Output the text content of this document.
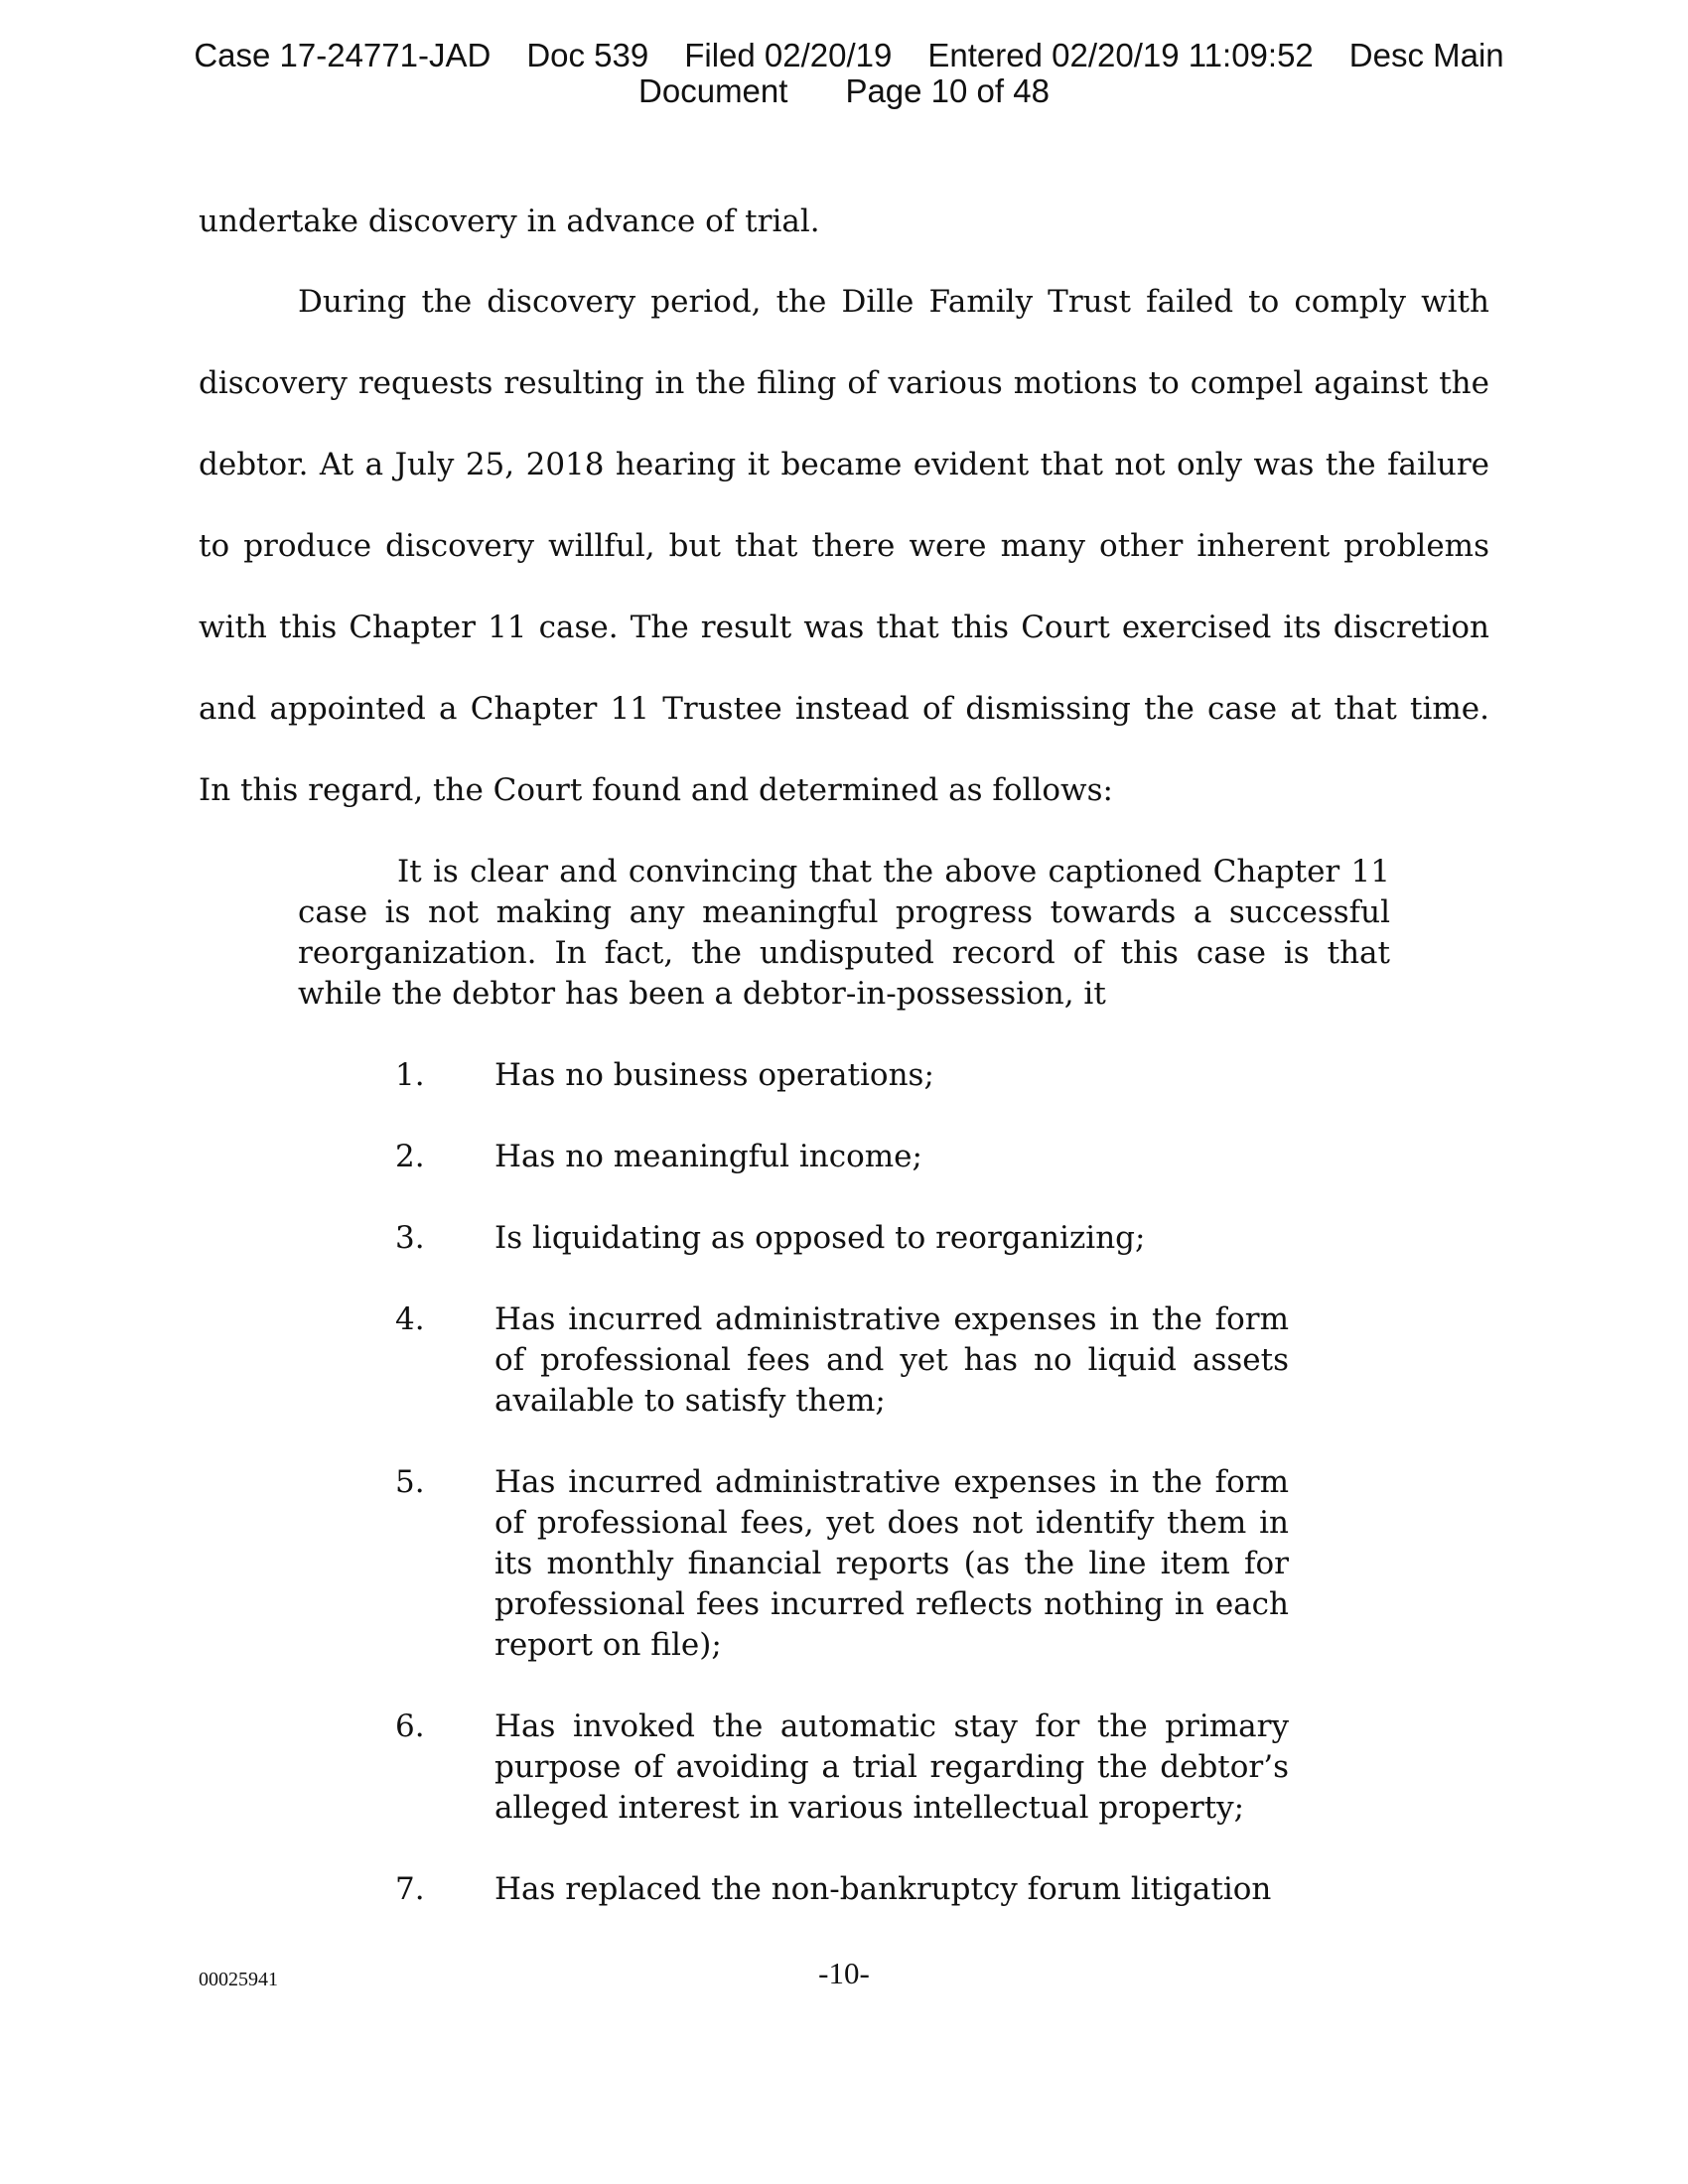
Case 17-24771-JAD Doc 539 Filed 02/20/19 Entered 02/20/19 11:09:52 Desc Main
Document Page 10 of 48
undertake discovery in advance of trial.
During the discovery period, the Dille Family Trust failed to comply with
discovery requests resulting in the filing of various motions to compel against the
debtor. At a July 25, 2018 hearing it became evident that not only was the failure
to produce discovery willful, but that there were many other inherent problems
with this Chapter 11 case. The result was that this Court exercised its discretion
and appointed a Chapter 11 Trustee instead of dismissing the case at that time.
In this regard, the Court found and determined as follows:
It is clear and convincing that the above captioned Chapter 11
case is not making any meaningful progress towards a successful
reorganization. In fact, the undisputed record of this case is that
while the debtor has been a debtor-in-possession, it
1.	Has no business operations;
2.	Has no meaningful income;
3.	Is liquidating as opposed to reorganizing;
4.	Has incurred administrative expenses in the form
of professional fees and yet has no liquid assets
available to satisfy them;
5.	Has incurred administrative expenses in the form
of professional fees, yet does not identify them in
its monthly financial reports (as the line item for
professional fees incurred reflects nothing in each
report on file);
6.	Has invoked the automatic stay for the primary
purpose of avoiding a trial regarding the debtor’s
alleged interest in various intellectual property;
7.	Has replaced the non-bankruptcy forum litigation
00025941	-10-
